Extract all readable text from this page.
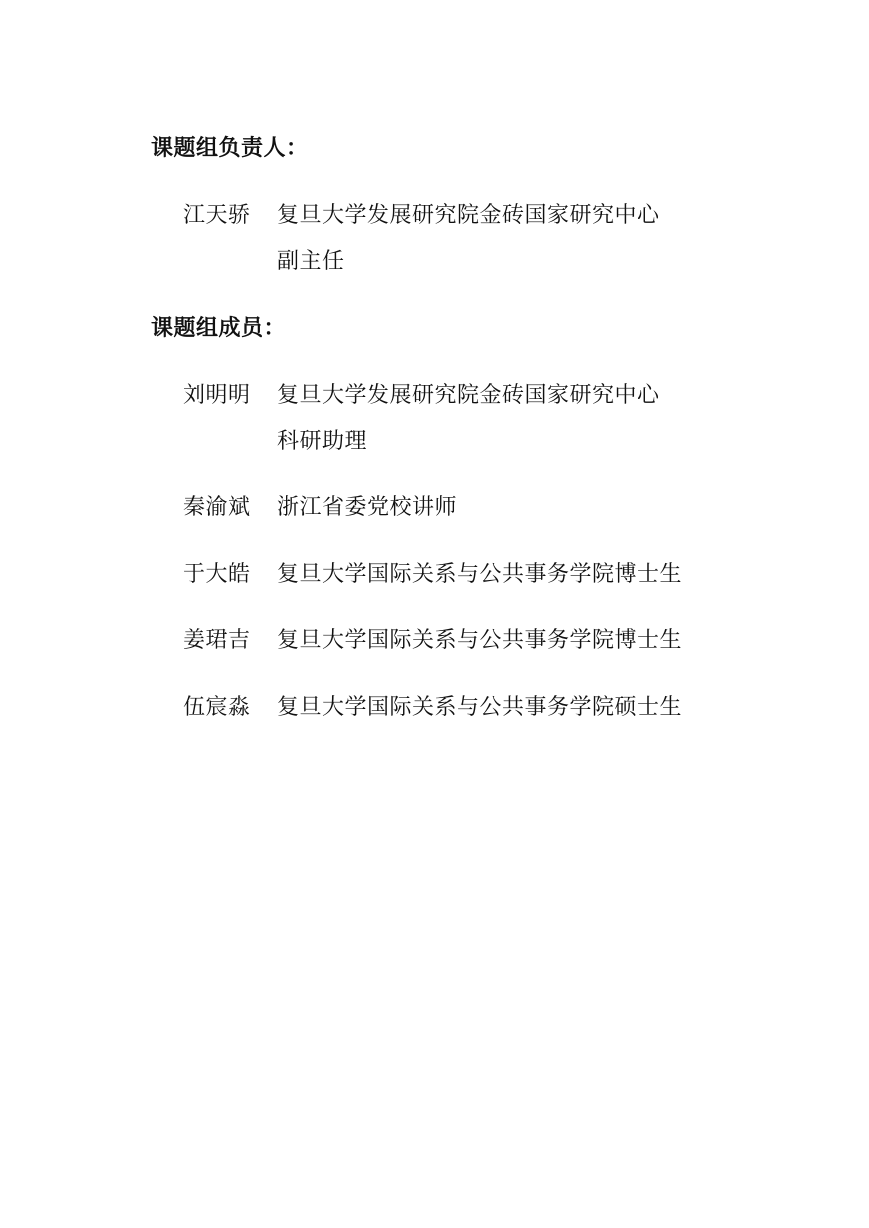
课题组负责人：
江天骄	复旦大学发展研究院金砖国家研究中心
副主任
课题组成员：
刘明明	复旦大学发展研究院金砖国家研究中心
科研助理
秦渝斌	浙江省委党校讲师
于大皓	复旦大学国际关系与公共事务学院博士生
姜珺吉	复旦大学国际关系与公共事务学院博士生
伍宸淼	复旦大学国际关系与公共事务学院硕士生
